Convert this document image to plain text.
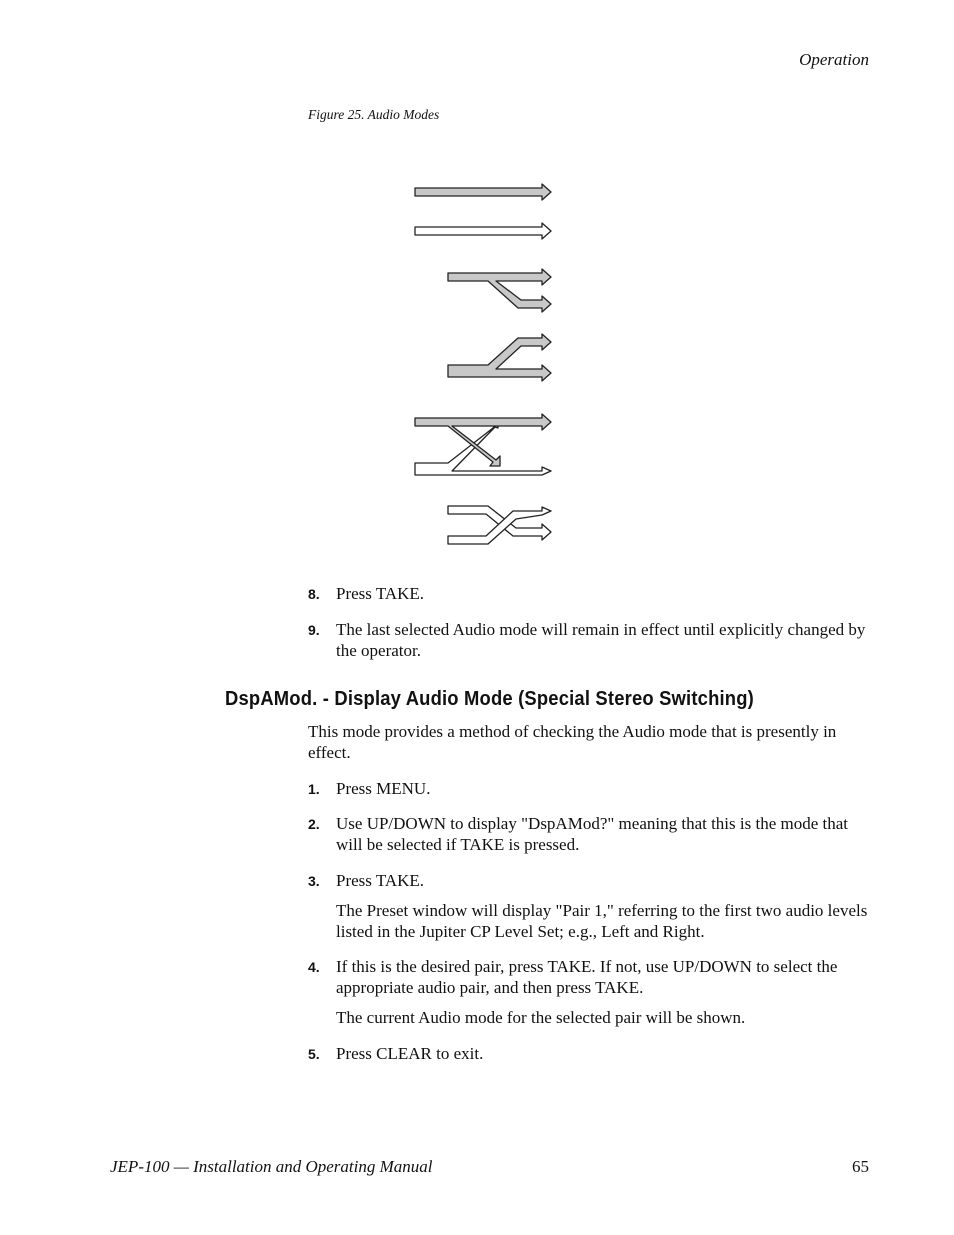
Operation
Figure 25. Audio Modes
8. Press TAKE.
9. The last selected Audio mode will remain in effect until explicitly changed by the operator.
DspAMod. - Display Audio Mode (Special Stereo Switching)
This mode provides a method of checking the Audio mode that is presently in effect.
1. Press MENU.
2. Use UP/DOWN to display "DspAMod?" meaning that this is the mode that will be selected if TAKE is pressed.
3. Press TAKE.
The Preset window will display "Pair 1," referring to the first two audio levels listed in the Jupiter CP Level Set; e.g., Left and Right.
4. If this is the desired pair, press TAKE. If not, use UP/DOWN to select the appropriate audio pair, and then press TAKE.
The current Audio mode for the selected pair will be shown.
5. Press CLEAR to exit.
JEP-100 — Installation and Operating Manual	65
